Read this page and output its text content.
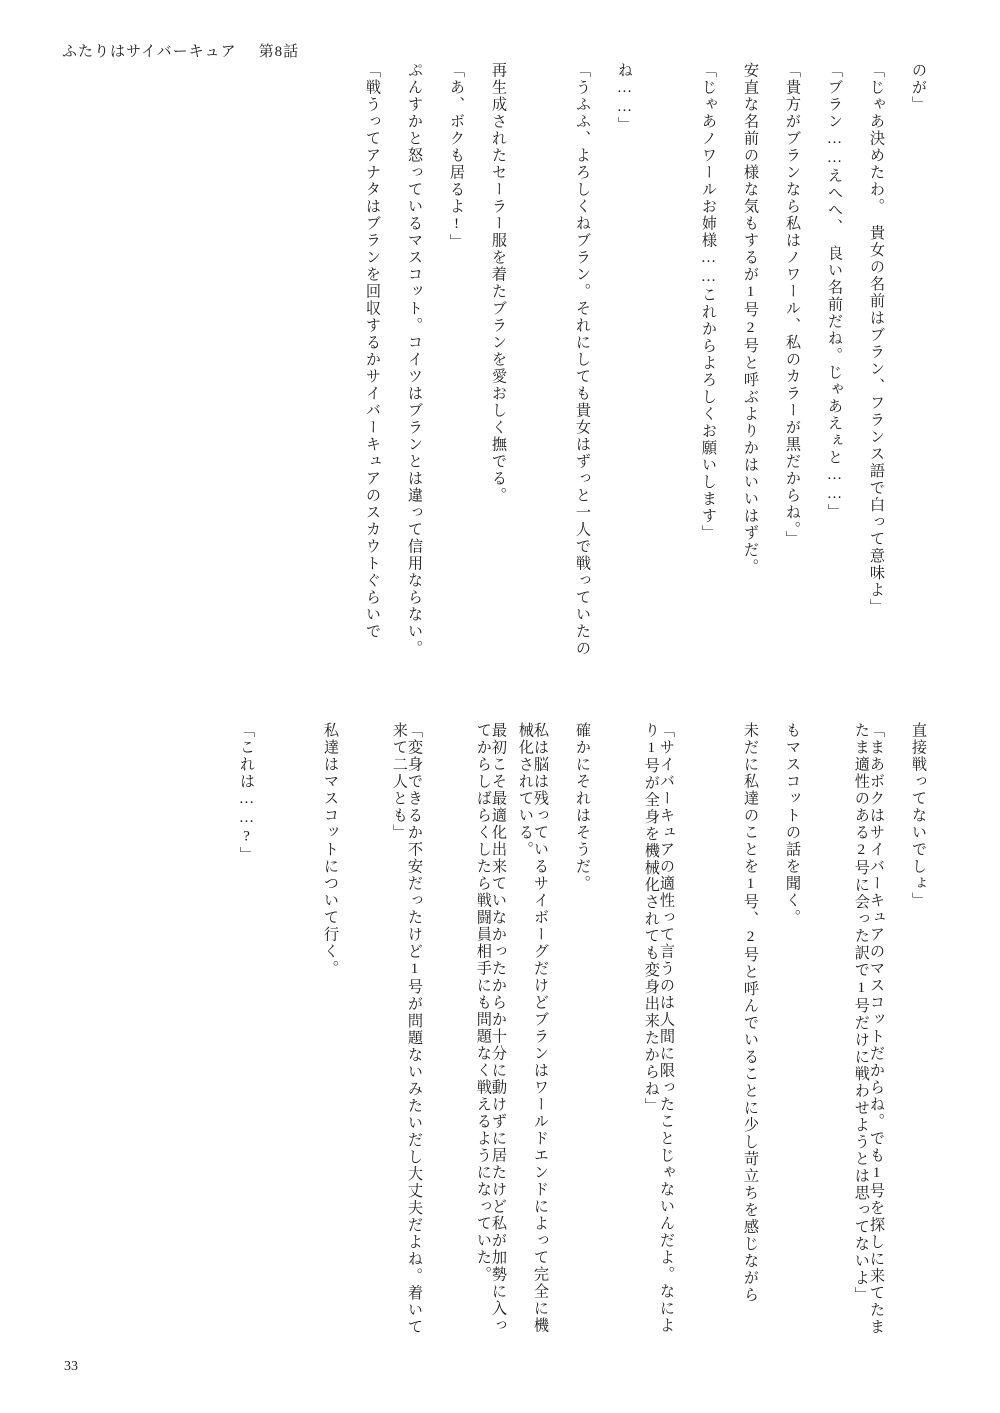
ふたりはサイバーキュア 第8話
のが」
「じゃあ決めたわ。　貴女の名前はブラン、フランス語で白って意味よ」
「ブラン……えへへ、　良い名前だね。じゃあえぇと……」
「貴方がブランなら私はノワール、私のカラーが黒だからね。」
安直な名前の様な気もするが1号2号と呼ぶよりかはいいはずだ。
「じゃあノワールお姉様……これからよろしくお願いします」
ね……」
「うふふ、よろしくねブラン。それにしても貴女はずっと一人で戦っていたの
再生成されたセーラー服を着たブランを愛おしく撫でる。
「あ、ボクも居るよ!」
ぷんすかと怒っているマスコット。コイツはブランとは違って信用ならない。
「戦うってアナタはブランを回収するかサイバーキュアのスカウトぐらいで
直接戦ってないでしょ」
「まあボクはサイバーキュアのマスコットだからね。でも1号を探しに来てたまたま適性のある2号に会った訳で1号だけに戦わせようとは思ってないよ」
もマスコットの話を聞く。
未だに私達のことを1号、2号と呼んでいることに少し苛立ちを感じながら
「サイバーキュアの適性って言うのは人間に限ったことじゃないんだよ。なにより1号が全身を機械化されても変身出来たからね」
確かにそれはそうだ。
私は脳は残っているサイボーグだけどブランはワールドエンドによって完全に機械化されている。
最初こそ最適化出来ていなかったからか十分に動けずに居たけど私が加勢に入ってからしばらくしたら戦闘員相手にも問題なく戦えるようになっていた。
「変身できるか不安だったけど1号が問題ないみたいだし大丈夫だよね。着いて来て二人とも」
私達はマスコットについて行く。
「これは……?」
33
